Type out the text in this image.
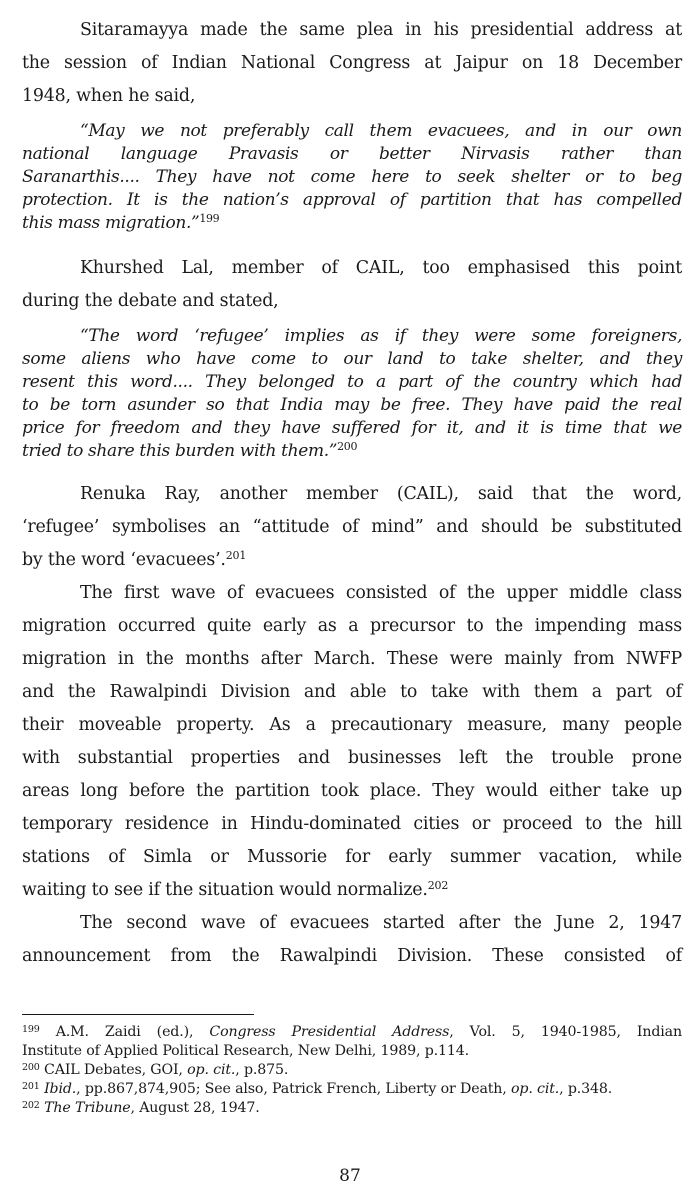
Sitaramayya made the same plea in his presidential address at
the session of Indian National Congress at Jaipur on 18 December
1948, when he said,
“May we not preferably call them evacuees, and in our own
national language Pravasis or better Nirvasis rather than
Saranarthis.... They have not come here to seek shelter or to beg
protection. It is the nation’s approval of partition that has compelled
this mass migration.”$^{199}$
Khurshed Lal, member of CAIL, too emphasised this point
during the debate and stated,
“The word ‘refugee’ implies as if they were some foreigners,
some aliens who have come to our land to take shelter, and they
resent this word.... They belonged to a part of the country which had
to be torn asunder so that India may be free. They have paid the real
price for freedom and they have suffered for it, and it is time that we
tried to share this burden with them.”$^{200}$
Renuka Ray, another member (CAIL), said that the word,
‘refugee’ symbolises an “attitude of mind” and should be substituted
by the word ‘evacuees’.$^{201}$
The first wave of evacuees consisted of the upper middle class
migration occurred quite early as a precursor to the impending mass
migration in the months after March. These were mainly from NWFP
and the Rawalpindi Division and able to take with them a part of
their moveable property. As a precautionary measure, many people
with substantial properties and businesses left the trouble prone
areas long before the partition took place. They would either take up
temporary residence in Hindu-dominated cities or proceed to the hill
stations of Simla or Mussorie for early summer vacation, while
waiting to see if the situation would normalize.$^{202}$
The second wave of evacuees started after the June 2, 1947
announcement from the Rawalpindi Division. These consisted of
$^{199}$ A.M. Zaidi (ed.), Congress Presidential Address, Vol. 5, 1940-1985, Indian
Institute of Applied Political Research, New Delhi, 1989, p.114.
$^{200}$ CAIL Debates, GOI, op. cit., p.875.
$^{201}$ Ibid., pp.867,874,905; See also, Patrick French, Liberty or Death, op. cit., p.348.
$^{202}$ The Tribune, August 28, 1947.
87
